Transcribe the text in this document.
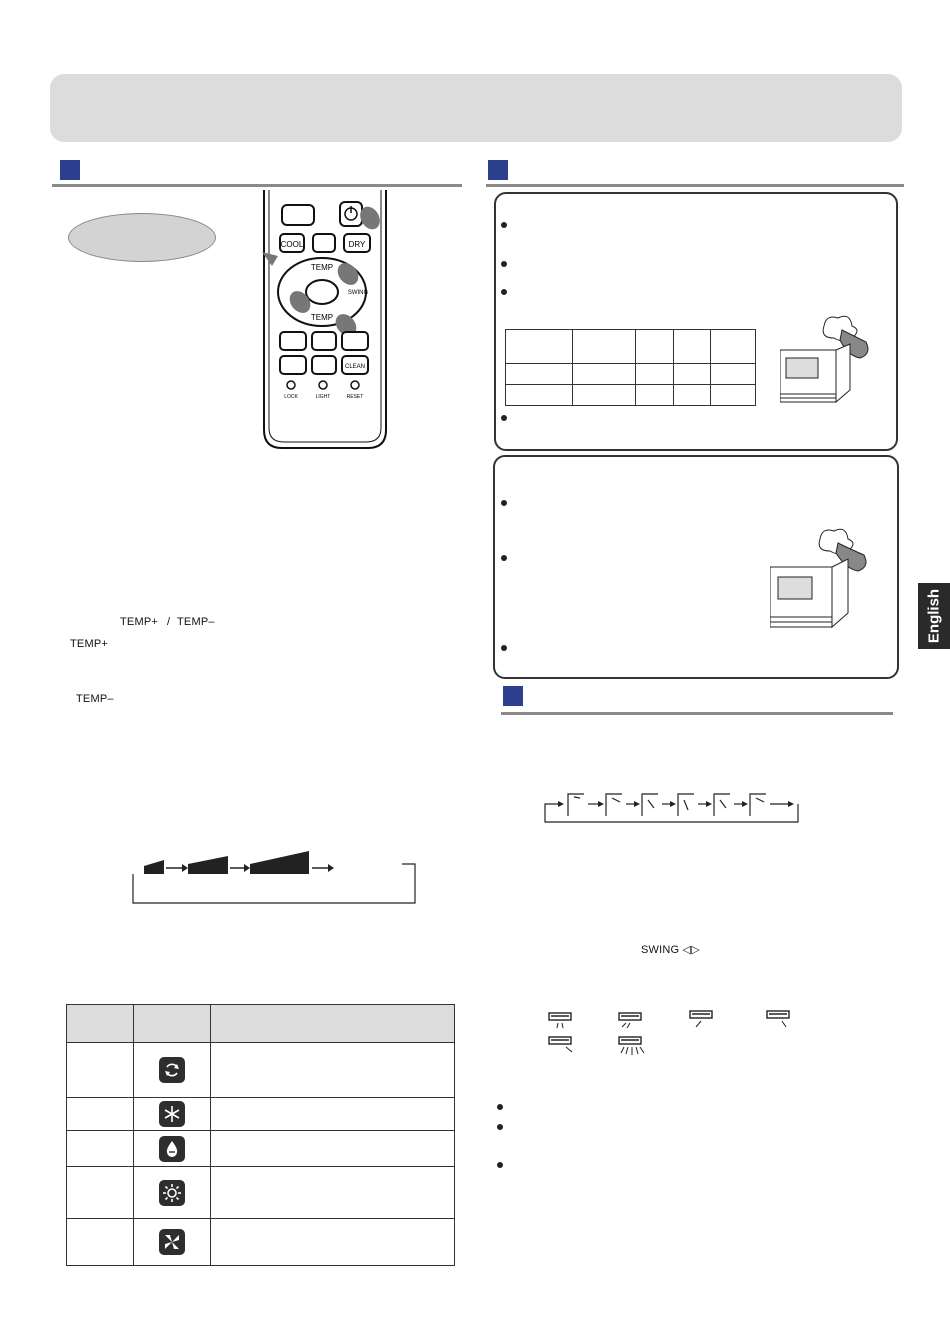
COOL	DRY
TEMP
TEMP
SWING
CLEAN
LOCK	LIGHT	RESET
TEMP+ / TEMP–
TEMP+
TEMP–

SWING ◁▷
English
